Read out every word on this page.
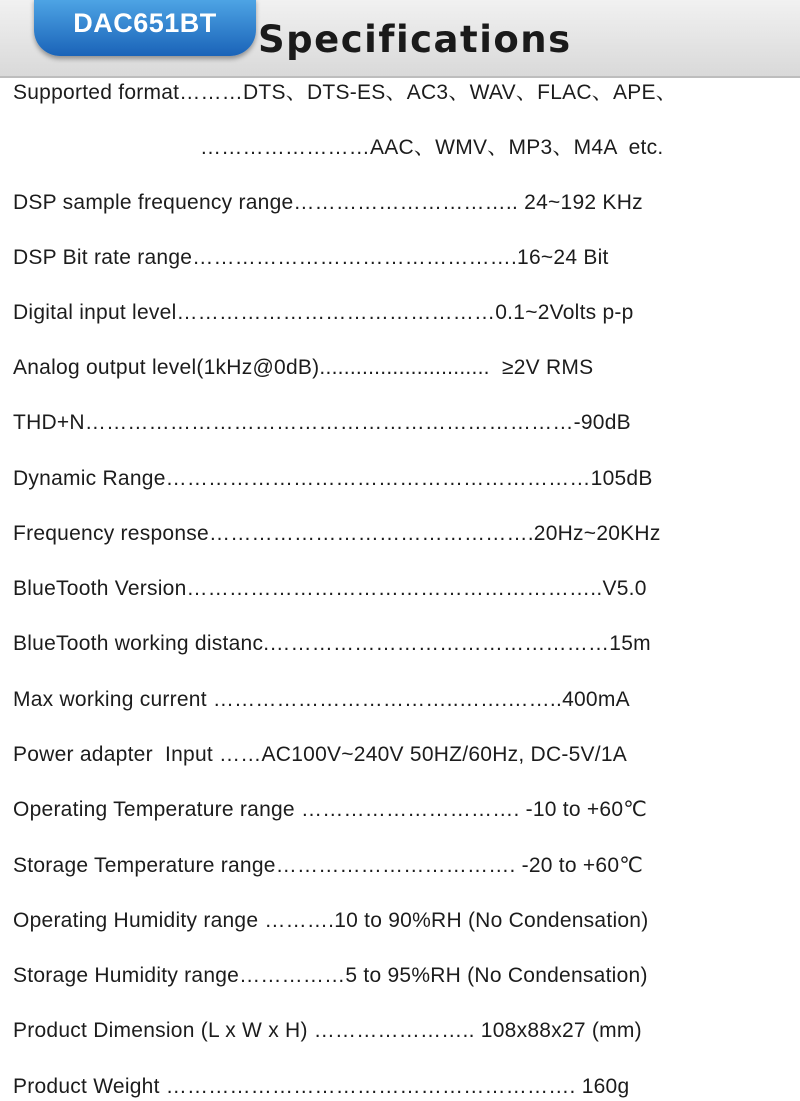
DAC651BT	Specifications
Supported format………DTS、DTS-ES、AC3、WAV、FLAC、APE、
……………………AAC、WMV、MP3、M4A  etc.
DSP sample frequency range………………………….. 24~192 KHz
DSP Bit rate range……………………………………….16~24 Bit
Digital input level………………………………………0.1~2Volts p-p
Analog output level(1kHz@0dB)............................  ≥2V RMS
THD+N……………………………………………………………-90dB
Dynamic Range……………………………………………………105dB
Frequency response……………………………………….20Hz~20KHz
BlueTooth Version…………………………………………………..V5.0
BlueTooth working distanc.…………………………………………15m
Max working current ……………………………..…….……..400mA
Power adapter  Input ……AC100V~240V 50HZ/60Hz, DC-5V/1A
Operating Temperature range …………………………. -10 to +60℃
Storage Temperature range……………………………. -20 to +60℃
Operating Humidity range ……….10 to 90%RH (No Condensation)
Storage Humidity range……………5 to 95%RH (No Condensation)
Product Dimension (L x W x H) ………………….. 108x88x27 (mm)
Product Weight …………………………………………………. 160g
